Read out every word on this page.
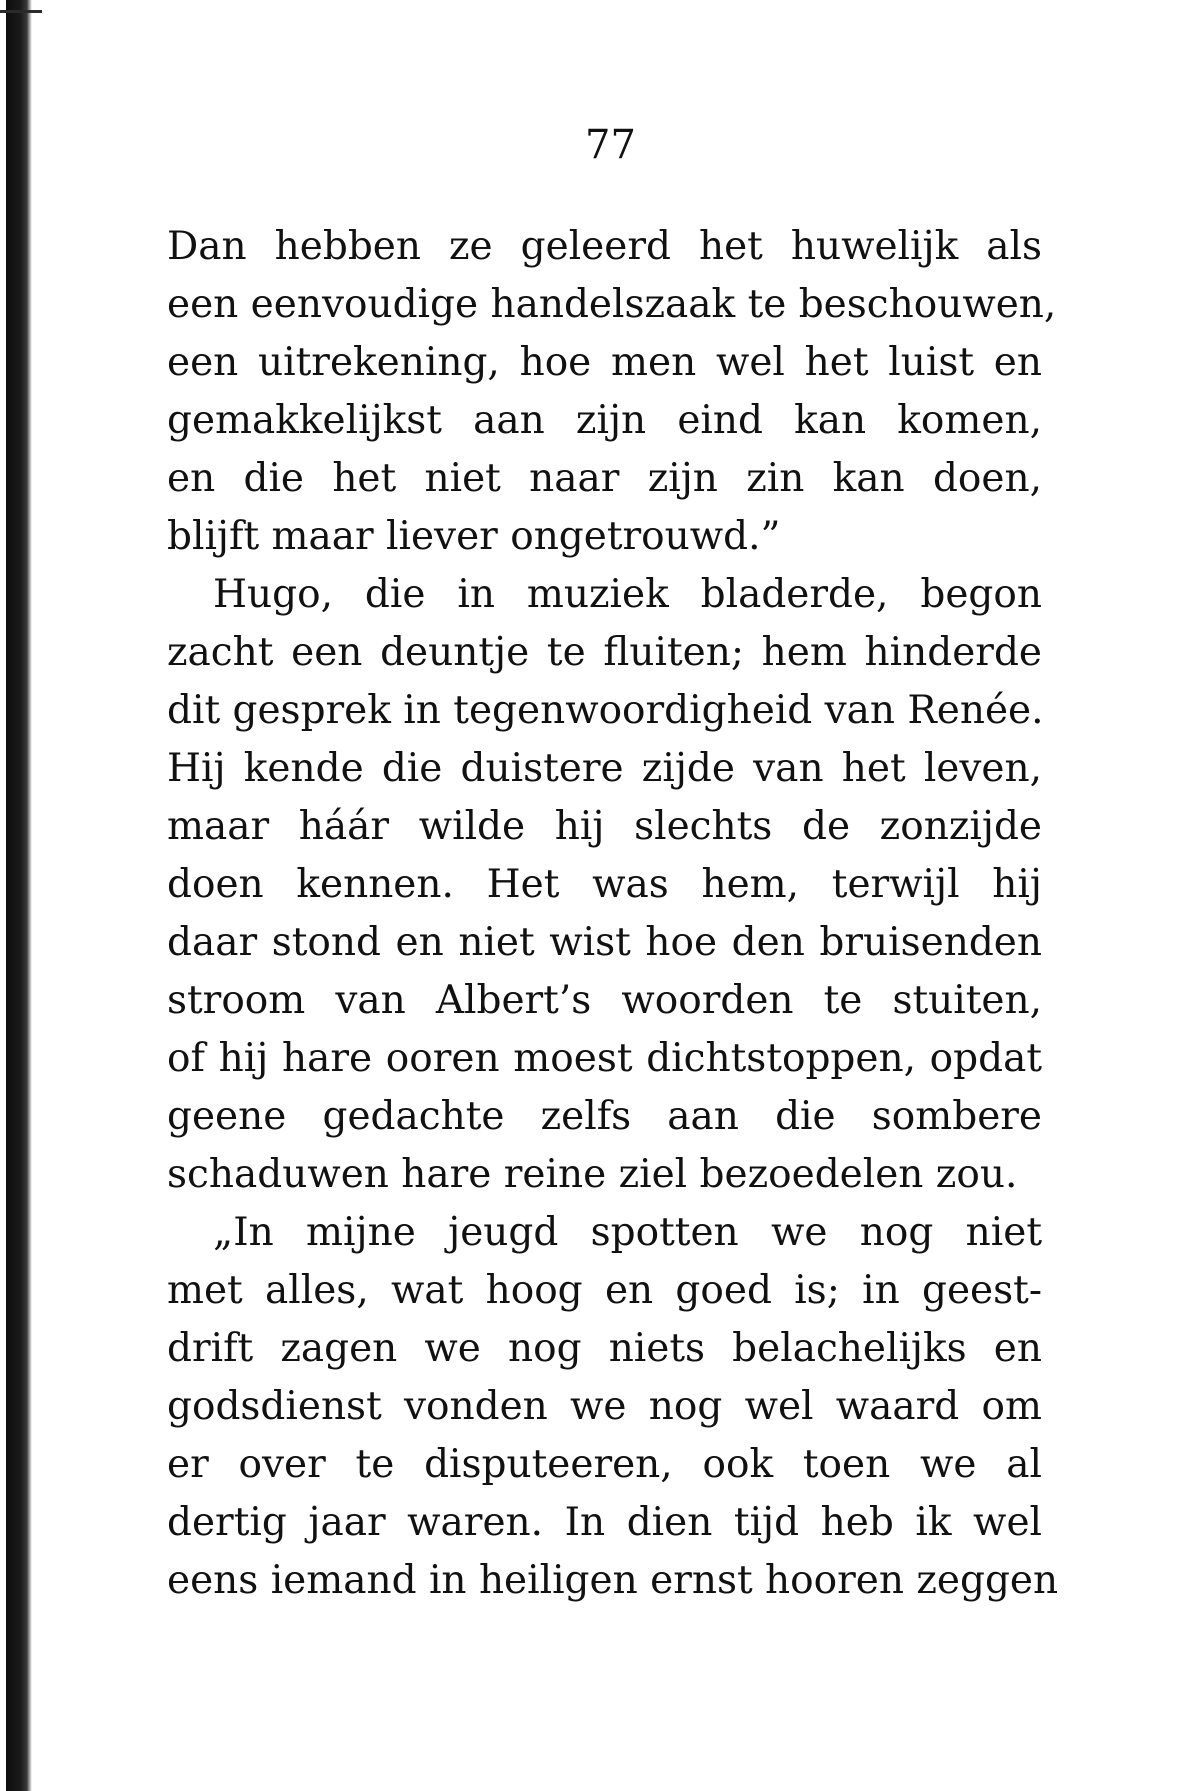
77
Dan hebben ze geleerd het huwelijk als
een eenvoudige handelszaak te beschouwen,
een uitrekening, hoe men wel het luist en
gemakkelijkst aan zijn eind kan komen,
en die het niet naar zijn zin kan doen,
blijft maar liever ongetrouwd.”
Hugo, die in muziek bladerde, begon
zacht een deuntje te fluiten; hem hinderde
dit gesprek in tegenwoordigheid van Renée.
Hij kende die duistere zijde van het leven,
maar háár wilde hij slechts de zonzijde
doen kennen. Het was hem, terwijl hij
daar stond en niet wist hoe den bruisenden
stroom van Albert’s woorden te stuiten,
of hij hare ooren moest dichtstoppen, opdat
geene gedachte zelfs aan die sombere
schaduwen hare reine ziel bezoedelen zou.
„In mijne jeugd spotten we nog niet
met alles, wat hoog en goed is; in geest-
drift zagen we nog niets belachelijks en
godsdienst vonden we nog wel waard om
er over te disputeeren, ook toen we al
dertig jaar waren. In dien tijd heb ik wel
eens iemand in heiligen ernst hooren zeggen
